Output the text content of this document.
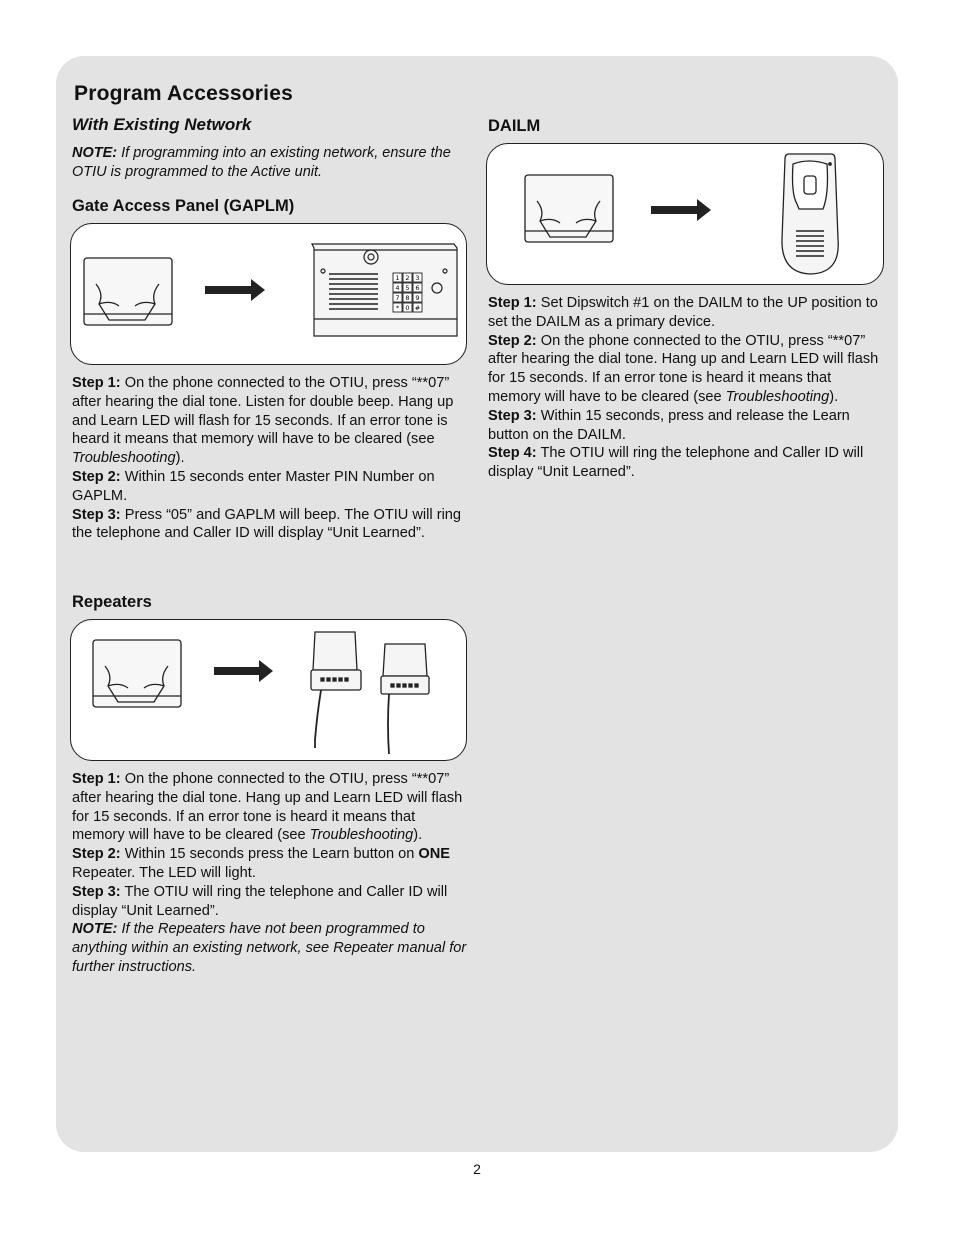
Program Accessories
With Existing Network
NOTE: If programming into an existing network, ensure the OTIU is programmed to the Active unit.
Gate Access Panel (GAPLM)
1 2 3
4 5 6
7 8 9
* 0 #

Step 1: On the phone connected to the OTIU, press “**07” after hearing the dial tone. Listen for double beep. Hang up and Learn LED will flash for 15 seconds. If an error tone is heard it means that memory will have to be cleared (see Troubleshooting).

Step 2: Within 15 seconds enter Master PIN Number on GAPLM.

Step 3: Press “05” and GAPLM will beep. The OTIU will ring the telephone and Caller ID will display “Unit Learned”.

Repeaters

Step 1: On the phone connected to the OTIU, press “**07” after hearing the dial tone. Hang up and Learn LED will flash for 15 seconds. If an error tone is heard it means that memory will have to be cleared (see Troubleshooting).

Step 2: Within 15 seconds press the Learn button on ONE Repeater. The LED will light.

Step 3: The OTIU will ring the telephone and Caller ID will display “Unit Learned”.

NOTE: If the Repeaters have not been programmed to anything within an existing network, see Repeater manual for further instructions.

DAILM

Step 1: Set Dipswitch #1 on the DAILM to the UP position to set the DAILM as a primary device.

Step 2: On the phone connected to the OTIU, press “**07” after hearing the dial tone. Hang up and Learn LED will flash for 15 seconds. If an error tone is heard it means that memory will have to be cleared (see Troubleshooting).

Step 3: Within 15 seconds, press and release the Learn button on the DAILM.

Step 4: The OTIU will ring the telephone and Caller ID will display “Unit Learned”.

2
